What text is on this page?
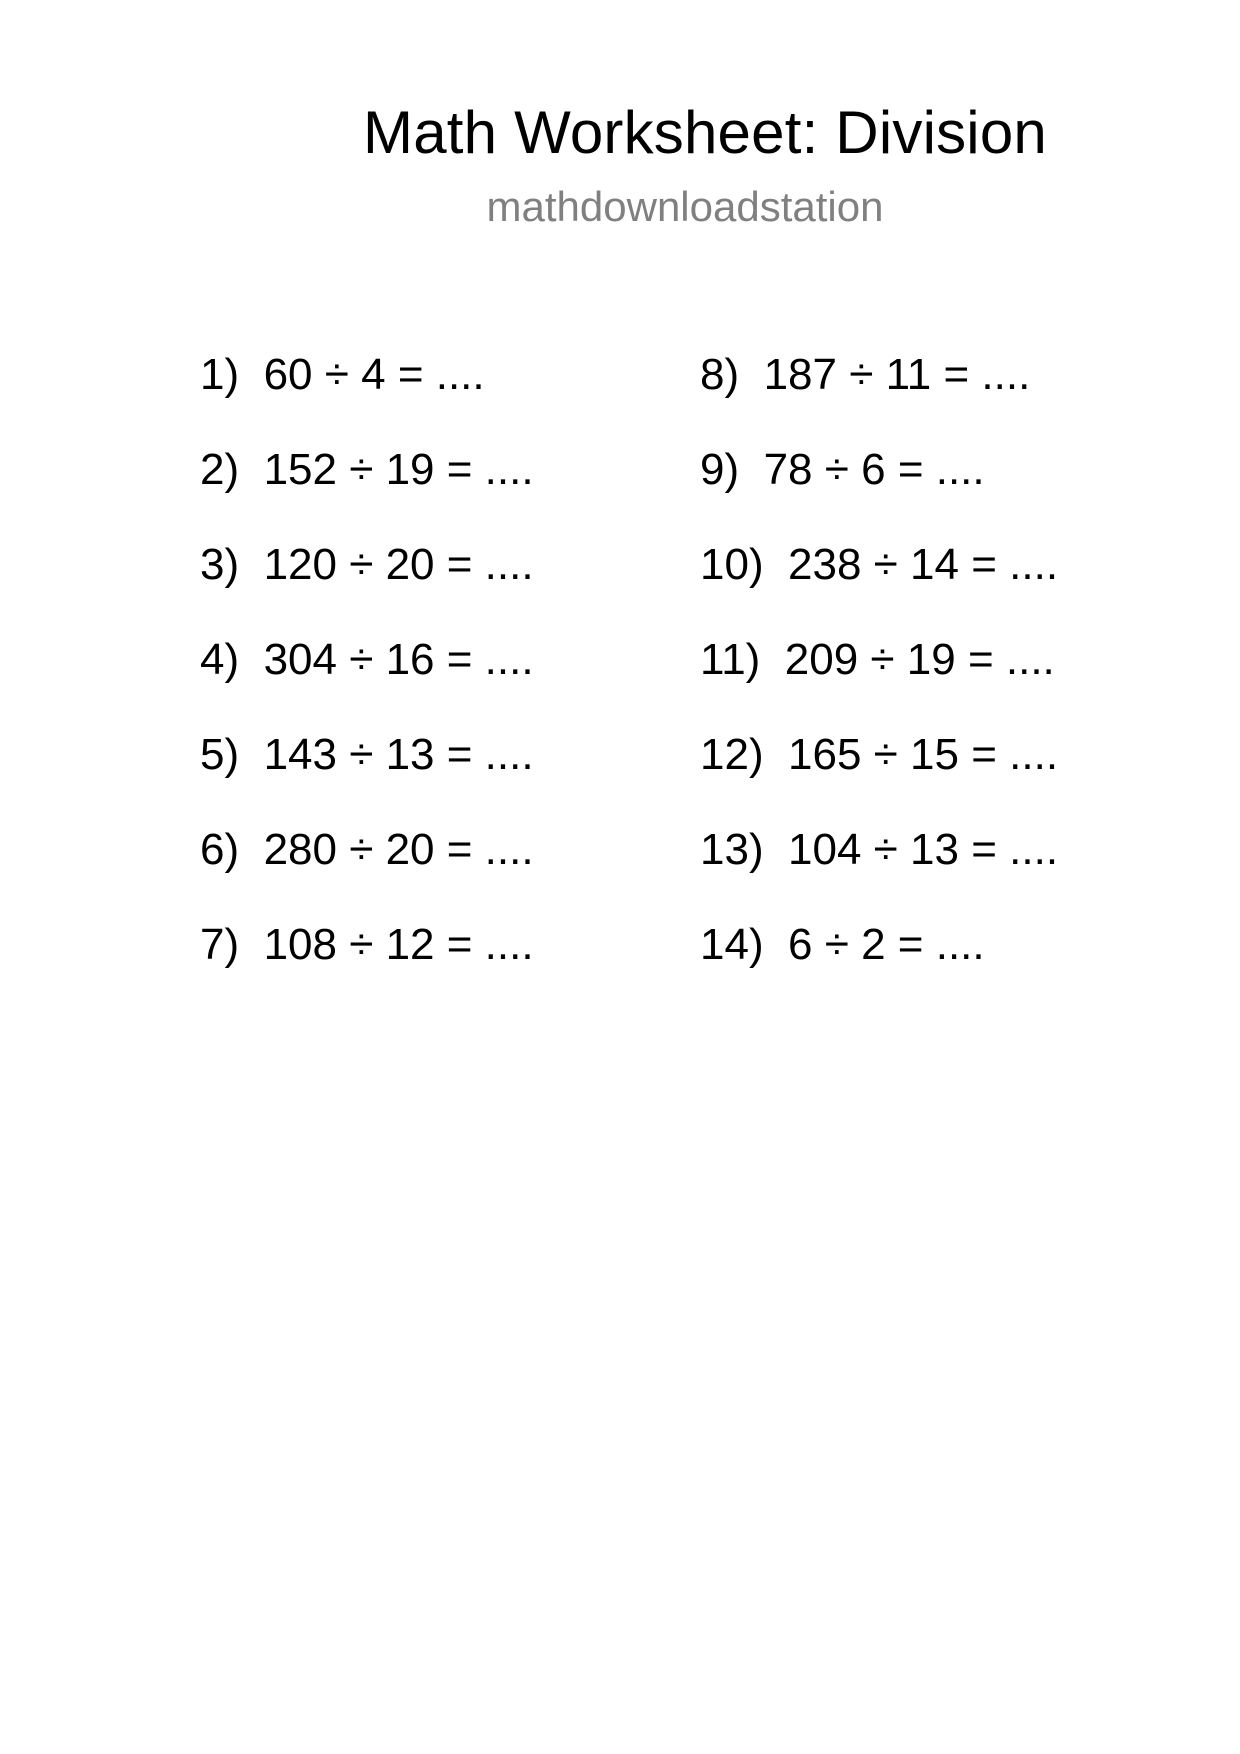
Math Worksheet: Division
mathdownloadstation
1) 60 ÷ 4 = ....
2) 152 ÷ 19 = ....
3) 120 ÷ 20 = ....
4) 304 ÷ 16 = ....
5) 143 ÷ 13 = ....
6) 280 ÷ 20 = ....
7) 108 ÷ 12 = ....
8) 187 ÷ 11 = ....
9) 78 ÷ 6 = ....
10) 238 ÷ 14 = ....
11) 209 ÷ 19 = ....
12) 165 ÷ 15 = ....
13) 104 ÷ 13 = ....
14) 6 ÷ 2 = ....
